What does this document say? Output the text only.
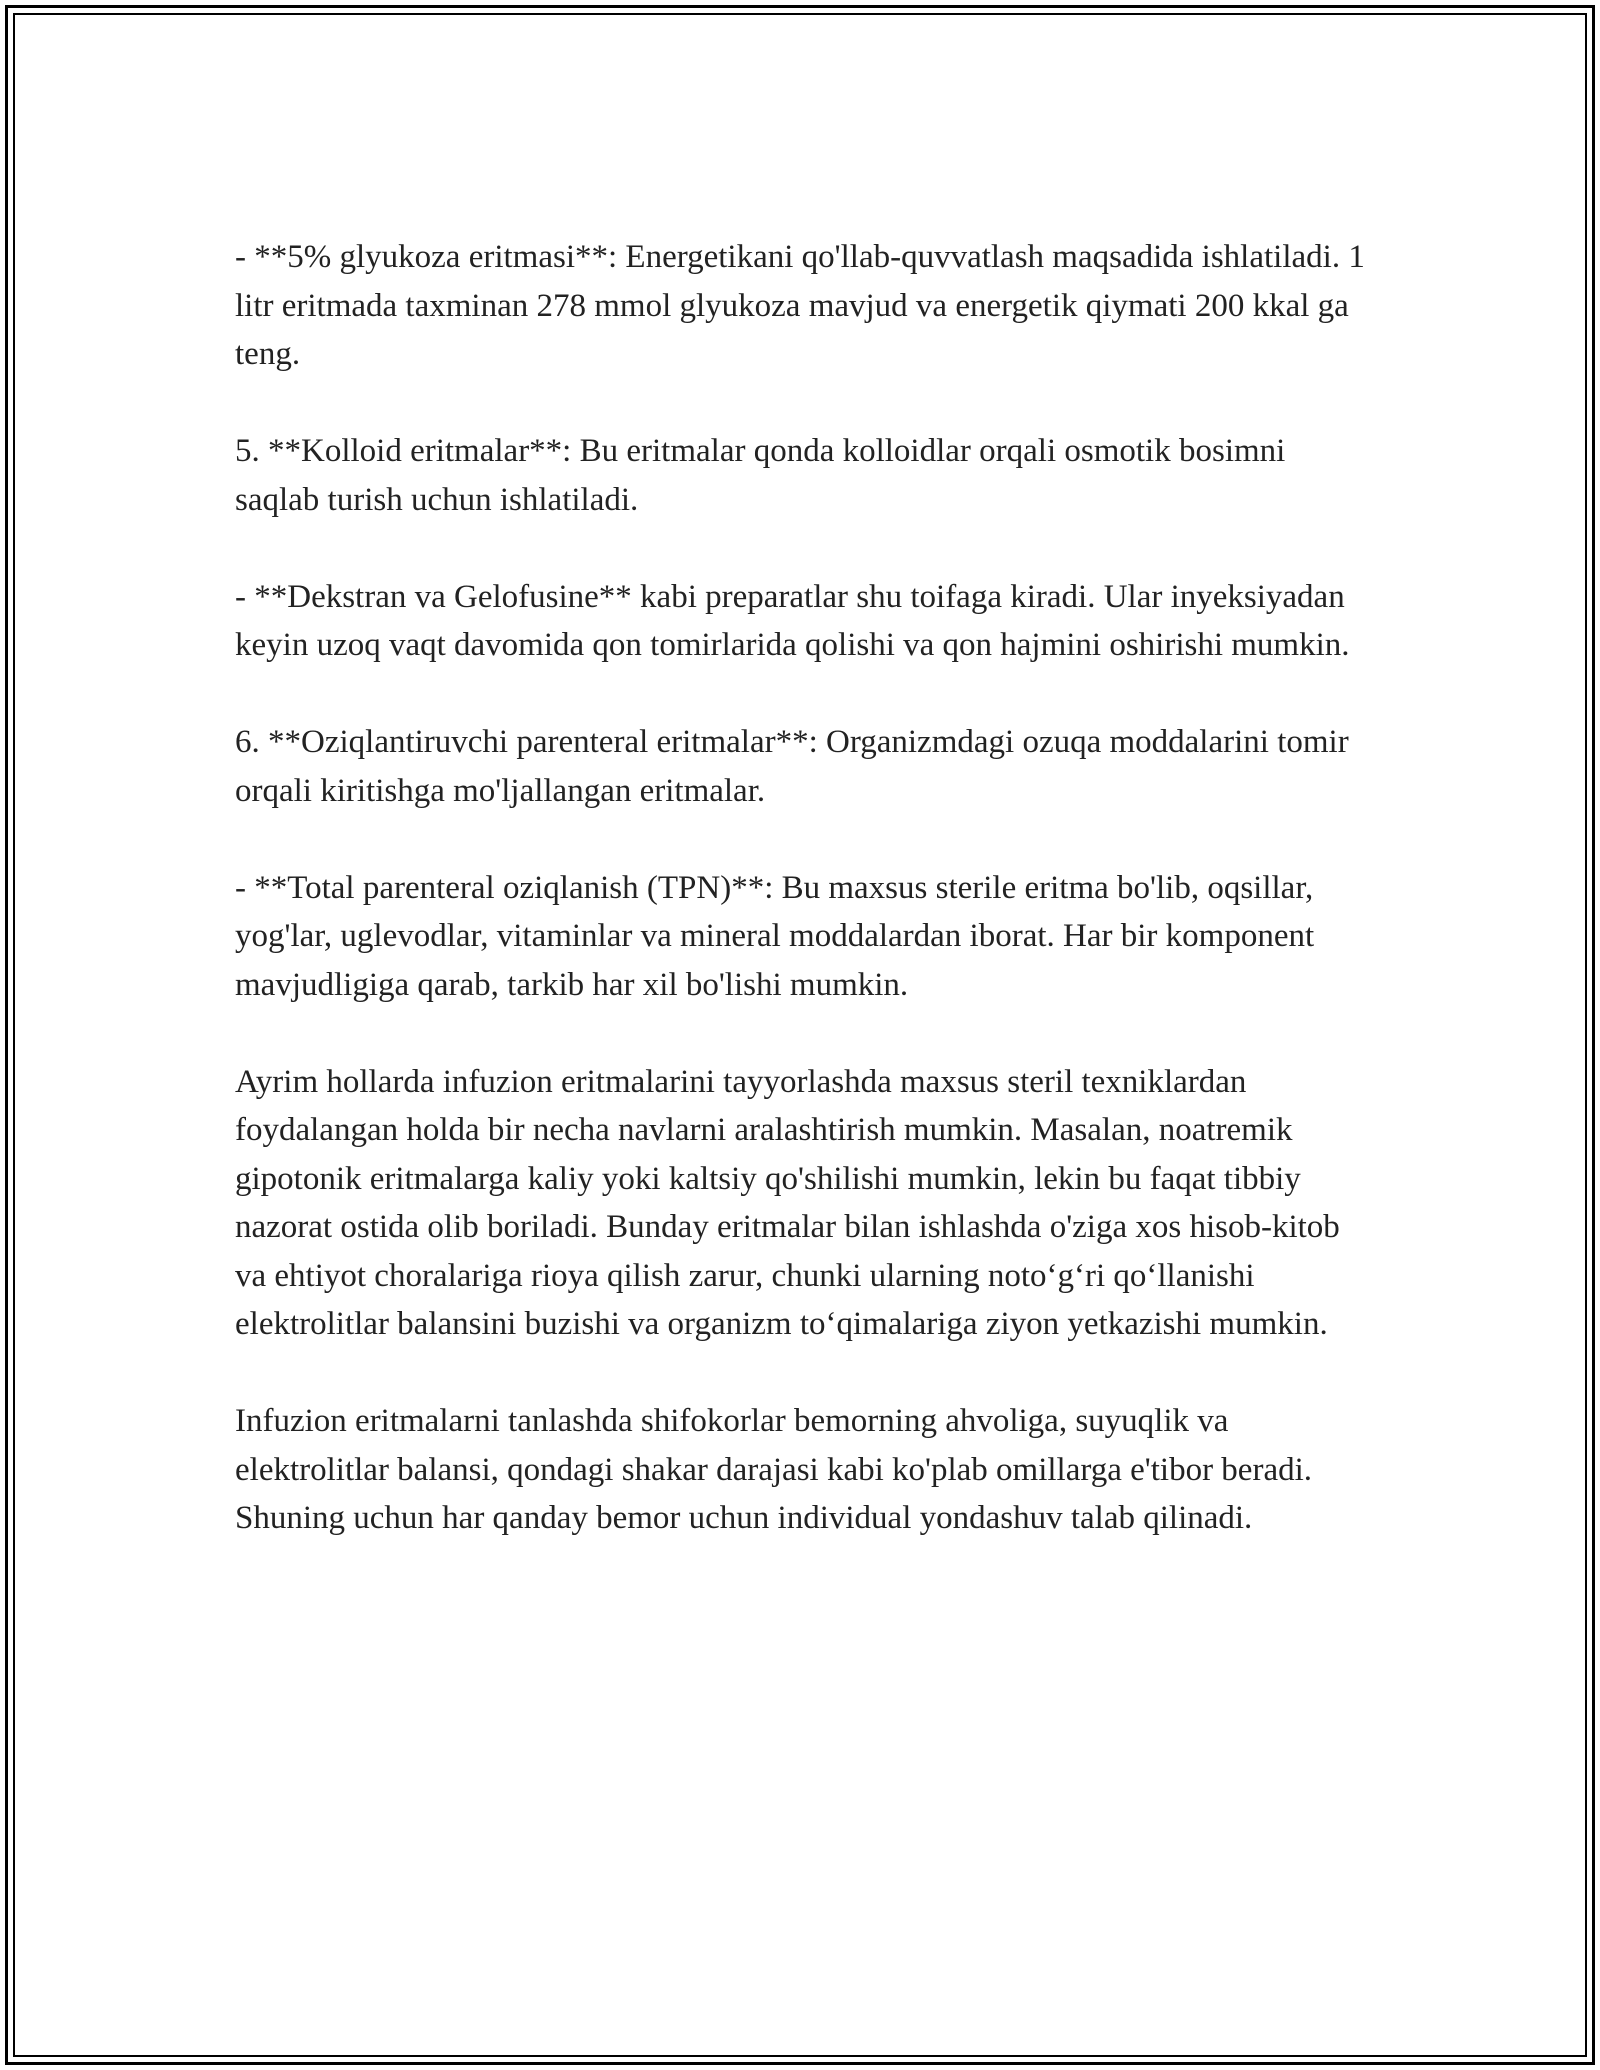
- **5% glyukoza eritmasi**: Energetikani qo'llab-quvvatlash maqsadida ishlatiladi. 1 litr eritmada taxminan 278 mmol glyukoza mavjud va energetik qiymati 200 kkal ga teng.

5. **Kolloid eritmalar**: Bu eritmalar qonda kolloidlar orqali osmotik bosimni saqlab turish uchun ishlatiladi.

- **Dekstran va Gelofusine** kabi preparatlar shu toifaga kiradi. Ular inyeksiyadan keyin uzoq vaqt davomida qon tomirlarida qolishi va qon hajmini oshirishi mumkin.

6. **Oziqlantiruvchi parenteral eritmalar**: Organizmdagi ozuqa moddalarini tomir orqali kiritishga mo'ljallangan eritmalar.

- **Total parenteral oziqlanish (TPN)**: Bu maxsus sterile eritma bo'lib, oqsillar, yog'lar, uglevodlar, vitaminlar va mineral moddalardan iborat. Har bir komponent mavjudligiga qarab, tarkib har xil bo'lishi mumkin.

Ayrim hollarda infuzion eritmalarini tayyorlashda maxsus steril texniklardan foydalangan holda bir necha navlarni aralashtirish mumkin. Masalan, noatremik gipotonik eritmalarga kaliy yoki kaltsiy qo'shilishi mumkin, lekin bu faqat tibbiy nazorat ostida olib boriladi. Bunday eritmalar bilan ishlashda o'ziga xos hisob-kitob va ehtiyot choralariga rioya qilish zarur, chunki ularning noto‘g‘ri qo‘llanishi elektrolitlar balansini buzishi va organizm to‘qimalariga ziyon yetkazishi mumkin.

Infuzion eritmalarni tanlashda shifokorlar bemorning ahvoliga, suyuqlik va elektrolitlar balansi, qondagi shakar darajasi kabi ko'plab omillarga e'tibor beradi. Shuning uchun har qanday bemor uchun individual yondashuv talab qilinadi.
